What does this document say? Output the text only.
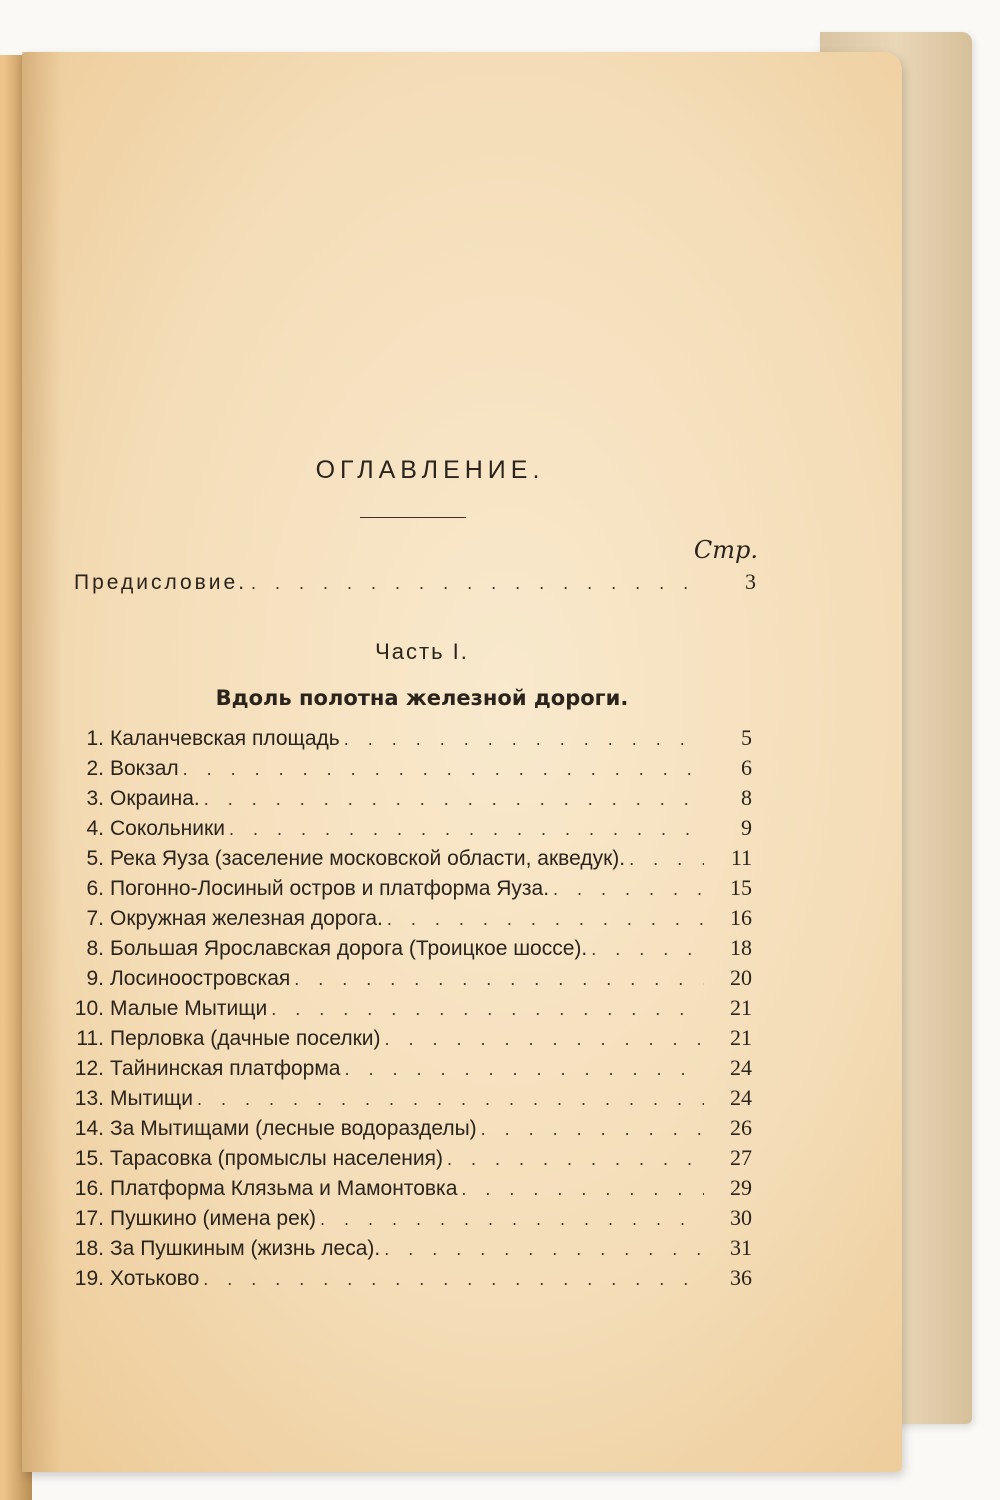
ОГЛАВЛЕНИЕ.
Стр.
Предисловие. . . .	3
Часть I.
Вдоль полотна железной дороги.
1. Каланчевская площадь . . .	5
2. Вокзал . . .	6
3. Окраина. . . .	8
4. Сокольники . . .	9
5. Река Яуза (заселение московской области, акведук). . . .	11
6. Погонно-Лосиный остров и платформа Яуза. . . .	15
7. Окружная железная дорога. . . .	16
8. Большая Ярославская дорога (Троицкое шоссе). . . .	18
9. Лосиноостровская . . .	20
10. Малые Мытищи . . .	21
11. Перловка (дачные поселки) . . .	21
12. Тайнинская платформа . . .	24
13. Мытищи . . .	24
14. За Мытищами (лесные водоразделы) . . .	26
15. Тарасовка (промыслы населения) . . .	27
16. Платформа Клязьма и Мамонтовка . . .	29
17. Пушкино (имена рек) . . .	30
18. За Пушкиным (жизнь леса). . . .	31
19. Хотьково . . .	36
